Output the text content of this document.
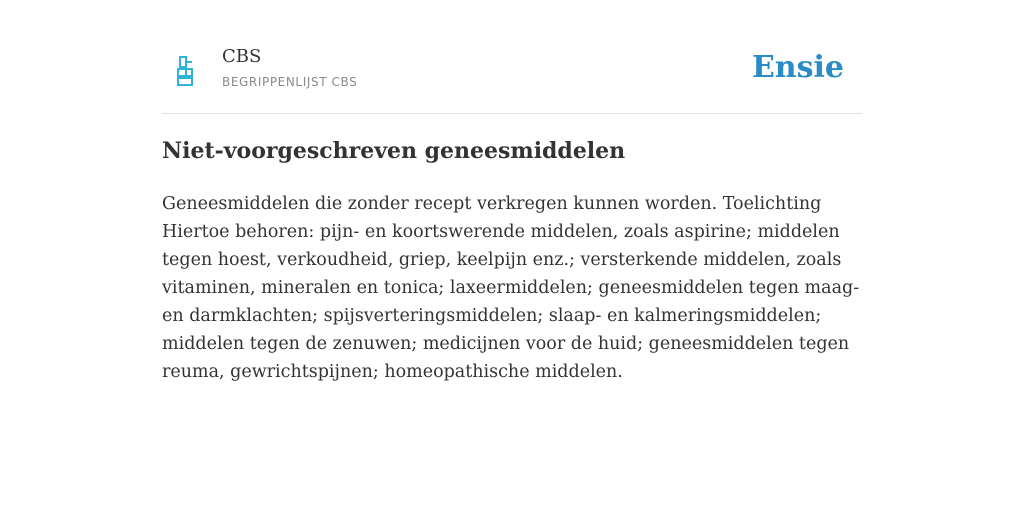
CBS
BEGRIPPENLIJST CBS	Ensie
Niet-voorgeschreven geneesmiddelen

Geneesmiddelen die zonder recept verkregen kunnen worden. Toelichting Hiertoe behoren: pijn- en koortswerende middelen, zoals aspirine; middelen tegen hoest, verkoudheid, griep, keelpijn enz.; versterkende middelen, zoals vitaminen, mineralen en tonica; laxeermiddelen; geneesmiddelen tegen maag- en darmklachten; spijsverteringsmiddelen; slaap- en kalmeringsmiddelen; middelen tegen de zenuwen; medicijnen voor de huid; geneesmiddelen tegen reuma, gewrichtspijnen; homeopathische middelen.
